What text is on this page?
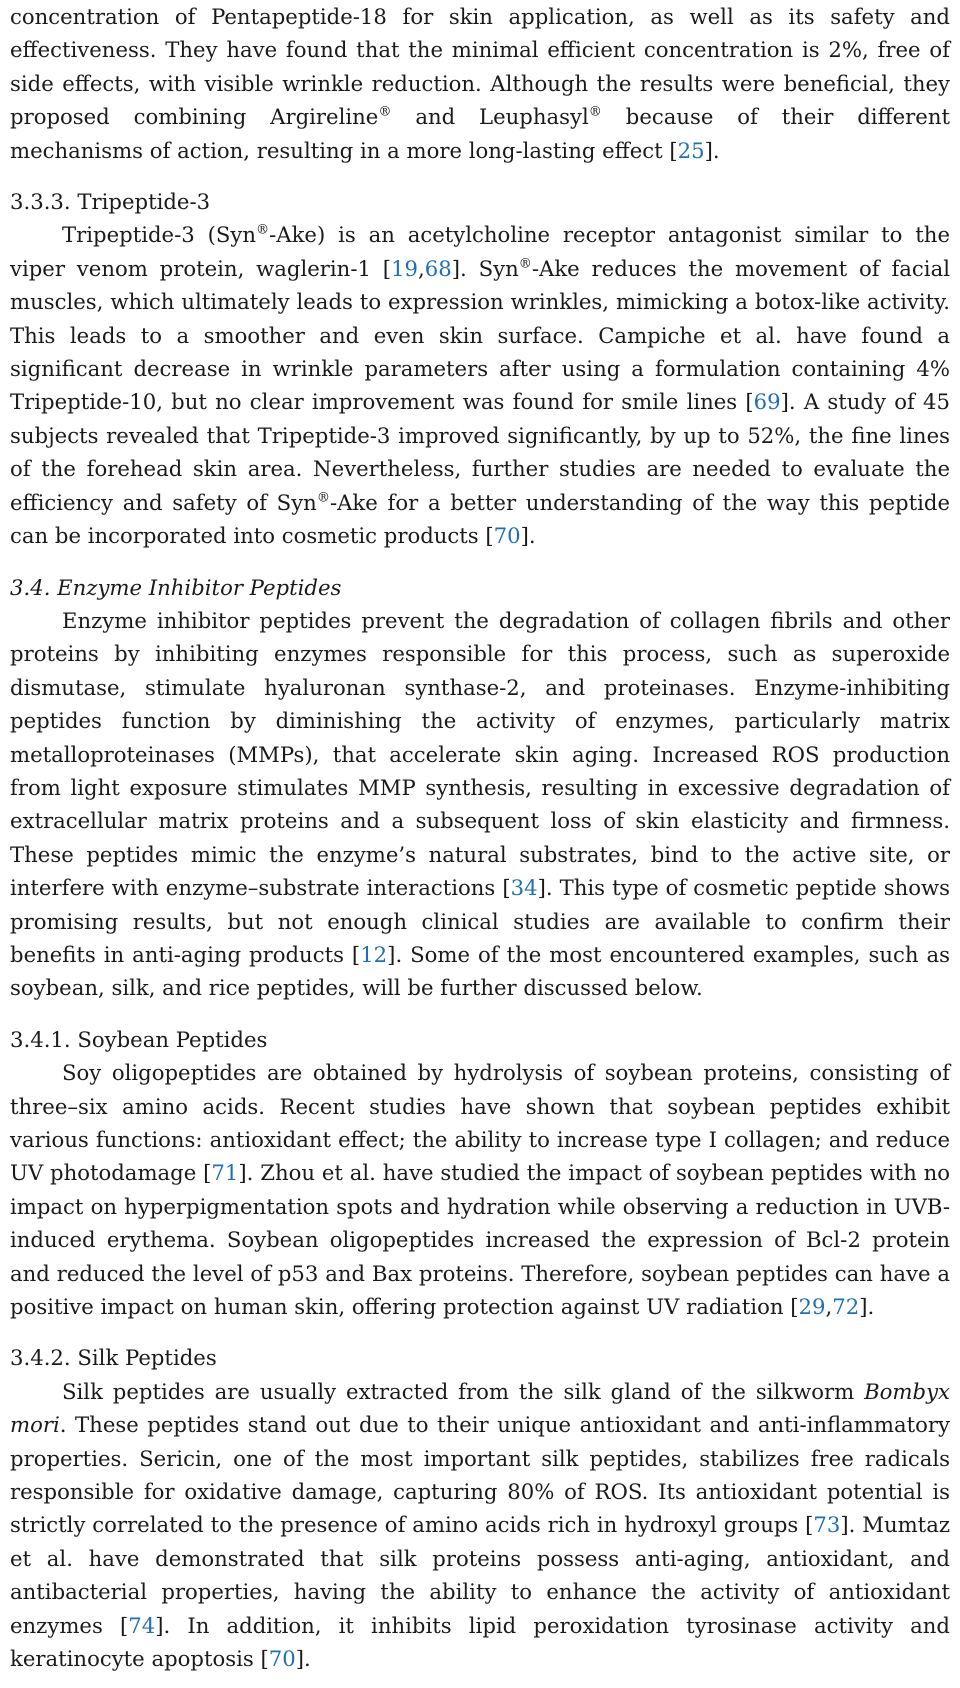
concentration of Pentapeptide-18 for skin application, as well as its safety and effectiveness. They have found that the minimal efficient concentration is 2%, free of side effects, with visible wrinkle reduction. Although the results were beneficial, they proposed combining Argireline® and Leuphasyl® because of their different mechanisms of action, resulting in a more long-lasting effect [25].

3.3.3. Tripeptide-3

Tripeptide-3 (Syn®-Ake) is an acetylcholine receptor antagonist similar to the viper venom protein, waglerin-1 [19,68]. Syn®-Ake reduces the movement of facial muscles, which ultimately leads to expression wrinkles, mimicking a botox-like activity. This leads to a smoother and even skin surface. Campiche et al. have found a significant decrease in wrinkle parameters after using a formulation containing 4% Tripeptide-10, but no clear improvement was found for smile lines [69]. A study of 45 subjects revealed that Tripeptide-3 improved significantly, by up to 52%, the fine lines of the forehead skin area. Nevertheless, further studies are needed to evaluate the efficiency and safety of Syn®-Ake for a better understanding of the way this peptide can be incorporated into cosmetic products [70].

3.4. Enzyme Inhibitor Peptides

Enzyme inhibitor peptides prevent the degradation of collagen fibrils and other proteins by inhibiting enzymes responsible for this process, such as superoxide dismutase, stimulate hyaluronan synthase-2, and proteinases. Enzyme-inhibiting peptides function by diminishing the activity of enzymes, particularly matrix metalloproteinases (MMPs), that accelerate skin aging. Increased ROS production from light exposure stimulates MMP synthesis, resulting in excessive degradation of extracellular matrix proteins and a subsequent loss of skin elasticity and firmness. These peptides mimic the enzyme’s natural substrates, bind to the active site, or interfere with enzyme–substrate interactions [34]. This type of cosmetic peptide shows promising results, but not enough clinical studies are available to confirm their benefits in anti-aging products [12]. Some of the most encountered examples, such as soybean, silk, and rice peptides, will be further discussed below.

3.4.1. Soybean Peptides

Soy oligopeptides are obtained by hydrolysis of soybean proteins, consisting of three–six amino acids. Recent studies have shown that soybean peptides exhibit various functions: antioxidant effect; the ability to increase type I collagen; and reduce UV photodamage [71]. Zhou et al. have studied the impact of soybean peptides with no impact on hyperpigmentation spots and hydration while observing a reduction in UVB-induced erythema. Soybean oligopeptides increased the expression of Bcl-2 protein and reduced the level of p53 and Bax proteins. Therefore, soybean peptides can have a positive impact on human skin, offering protection against UV radiation [29,72].

3.4.2. Silk Peptides

Silk peptides are usually extracted from the silk gland of the silkworm Bombyx mori. These peptides stand out due to their unique antioxidant and anti-inflammatory properties. Sericin, one of the most important silk peptides, stabilizes free radicals responsible for oxidative damage, capturing 80% of ROS. Its antioxidant potential is strictly correlated to the presence of amino acids rich in hydroxyl groups [73]. Mumtaz et al. have demonstrated that silk proteins possess anti-aging, antioxidant, and antibacterial properties, having the ability to enhance the activity of antioxidant enzymes [74]. In addition, it inhibits lipid peroxidation tyrosinase activity and keratinocyte apoptosis [70].
